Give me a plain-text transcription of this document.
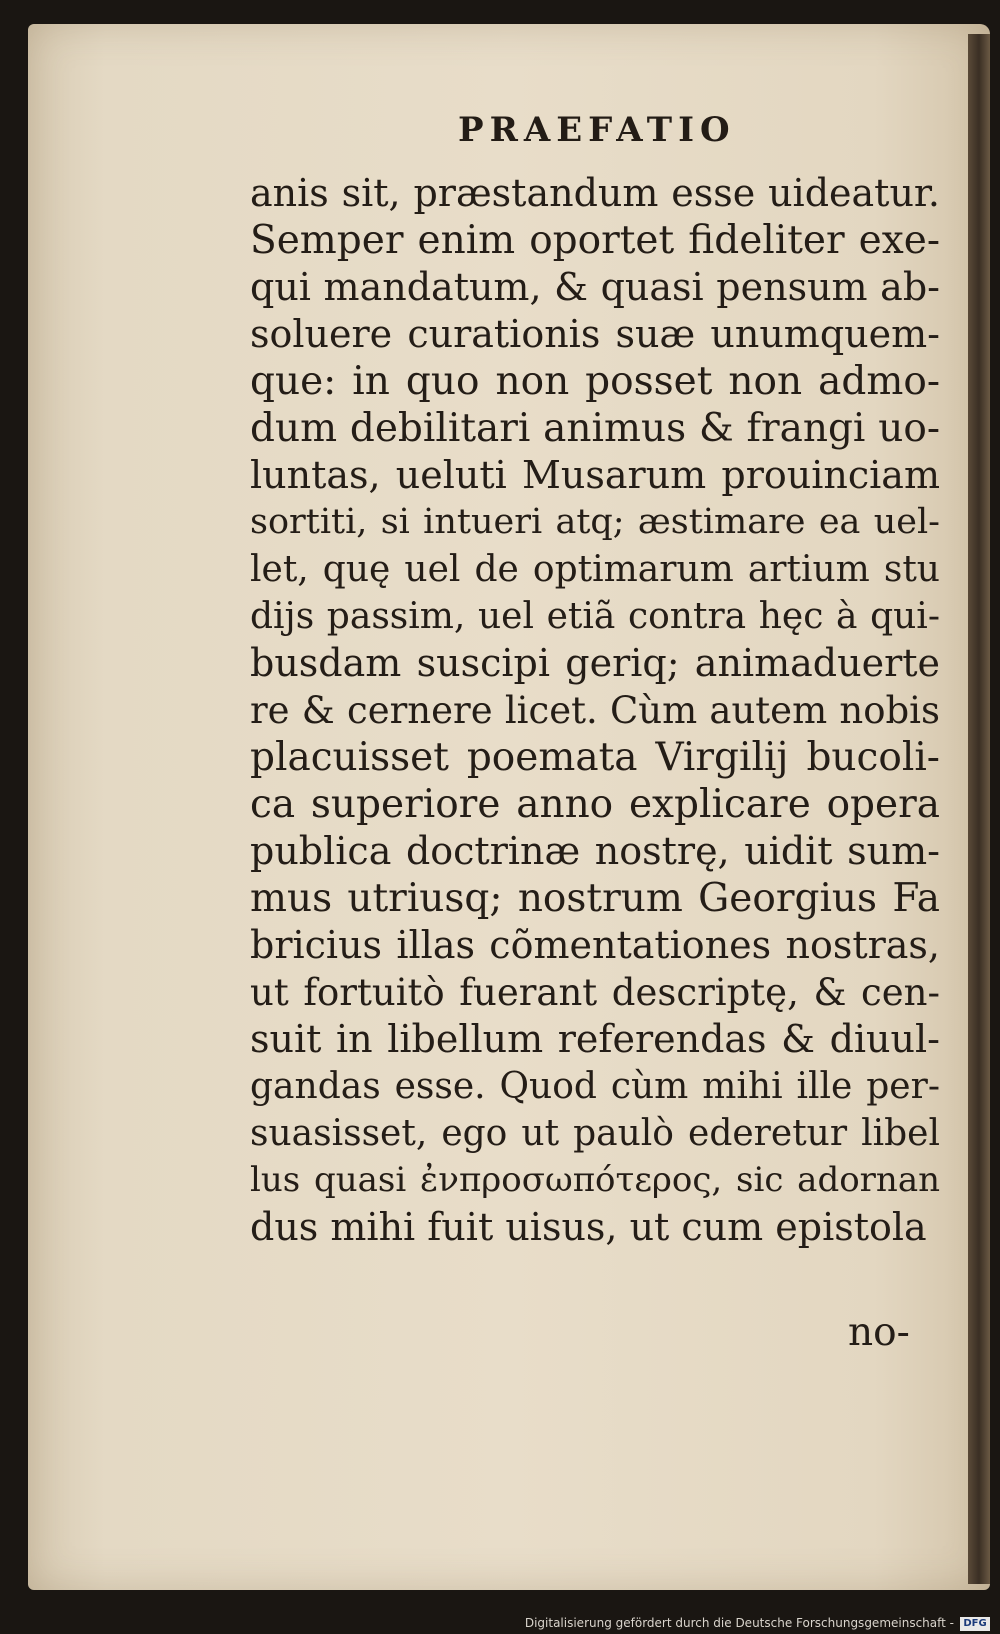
PRAEFATIO
anis sit, præstandum esse uideatur.
Semper enim oportet fideliter exe-
qui mandatum, & quasi pensum ab-
soluere curationis suæ unumquem-
que: in quo non posset non admo-
dum debilitari animus & frangi uo-
luntas, ueluti Musarum prouinciam
sortiti, si intueri atq; æstimare ea uel-
let, quę uel de optimarum artium stu
dijs passim, uel etiã contra hęc à qui-
busdam suscipi geriq; animaduerte
re & cernere licet. Cùm autem nobis
placuisset poemata Virgilij bucoli-
ca superiore anno explicare opera
publica doctrinæ nostrę, uidit sum-
mus utriusq; nostrum Georgius Fa
bricius illas cõmentationes nostras,
ut fortuitò fuerant descriptę, & cen-
suit in libellum referendas & diuul-
gandas esse. Quod cùm mihi ille per-
suasisset, ego ut paulò ederetur libel
lus quasi ἐνπροσωπότερος, sic adornan
dus mihi fuit uisus, ut cum epistola
no-
Digitalisierung gefördert durch die Deutsche Forschungsgemeinschaft - DFG
